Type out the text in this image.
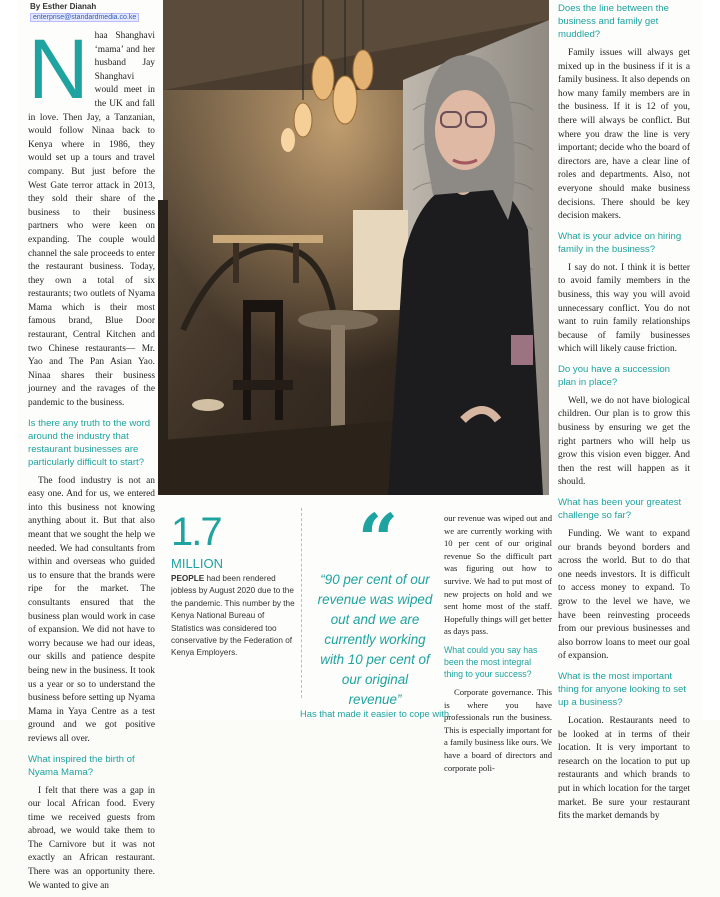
By Esther Dianah
enterprise@standardmedia.co.ke

Nhaa Shanghavi ‘mama’ and her husband Jay Shanghavi would meet in the UK and fall in love. Then Jay, a Tanzanian, would follow Ninaa back to Kenya where in 1986, they would set up a tours and travel company. But just before the West Gate terror attack in 2013, they sold their share of the business to their business partners who were keen on expanding. The couple would channel the sale proceeds to enter the restaurant business. Today, they own a total of six restaurants; two outlets of Nyama Mama which is their most famous brand, Blue Door restaurant, Central Kitchen and two Chinese restaurants— Mr. Yao and The Pan Asian Yao. Ninaa shares their business journey and the ravages of the pandemic to the business.

Is there any truth to the word around the industry that restaurant businesses are particularly difficult to start?

The food industry is not an easy one. And for us, we entered into this business not knowing anything about it. But that also meant that we sought the help we needed. We had consultants from within and overseas who guided us to ensure that the brands were ripe for the market. The consultants ensured that the business plan would work in case of expansion. We did not have to worry because we had our ideas, our skills and patience despite being new in the business. It took us a year or so to understand the business before setting up Nyama Mama in Yaya Centre as a test ground and we got positive reviews all over.

What inspired the birth of Nyama Mama?

I felt that there was a gap in our local African food. Every time we received guests from abroad, we would take them to The Carnivore but it was not exactly an African restaurant. There was an opportunity there. We wanted to give an

1.7
MILLION
PEOPLE had been rendered jobless by August 2020 due to the the pandemic. This number by the Kenya National Bureau of Statistics was considered too conservative by the Federation of Kenya Employers.
“
“90 per cent of our revenue was wiped out and we are currently working with 10 per cent of our original revenue”

our revenue was wiped out and we are currently working with 10 per cent of our original revenue So the difficult part was figuring out how to survive. We had to put most of new projects on hold and we sent home most of the staff. Hopefully things will get better as days pass.

What could you say has been the most integral thing to your success?

Corporate governance. This is where you have professionals run the business. This is especially important for a family business like ours. We have a board of directors and corporate poli-

Has that made it easier to cope with
Does the line between the business and family get muddled?

Family issues will always get mixed up in the business if it is a family business. It also depends on how many family members are in the business. If it is 12 of you, there will always be conflict. But where you draw the line is very important; decide who the board of directors are, have a clear line of roles and departments. Also, not everyone should make business decisions. There should be key decision makers.

What is your advice on hiring family in the business?

I say do not. I think it is better to avoid family members in the business, this way you will avoid unnecessary conflict. You do not want to ruin family relationships because of family businesses which will likely cause friction.

Do you have a succession plan in place?

Well, we do not have biological children. Our plan is to grow this business by ensuring we get the right partners who will help us grow this vision even bigger. And then the rest will happen as it should.

What has been your greatest challenge so far?

Funding. We want to expand our brands beyond borders and across the world. But to do that one needs investors. It is difficult to access money to expand. To grow to the level we have, we have been reinvesting proceeds from our previous businesses and also borrow loans to meet our goal of expansion.

What is the most important thing for anyone looking to set up a business?

Location. Restaurants need to be looked at in terms of their location. It is very important to research on the location to put up restaurants and which brands to put in which location for the target market. Be sure your restaurant fits the market demands by
